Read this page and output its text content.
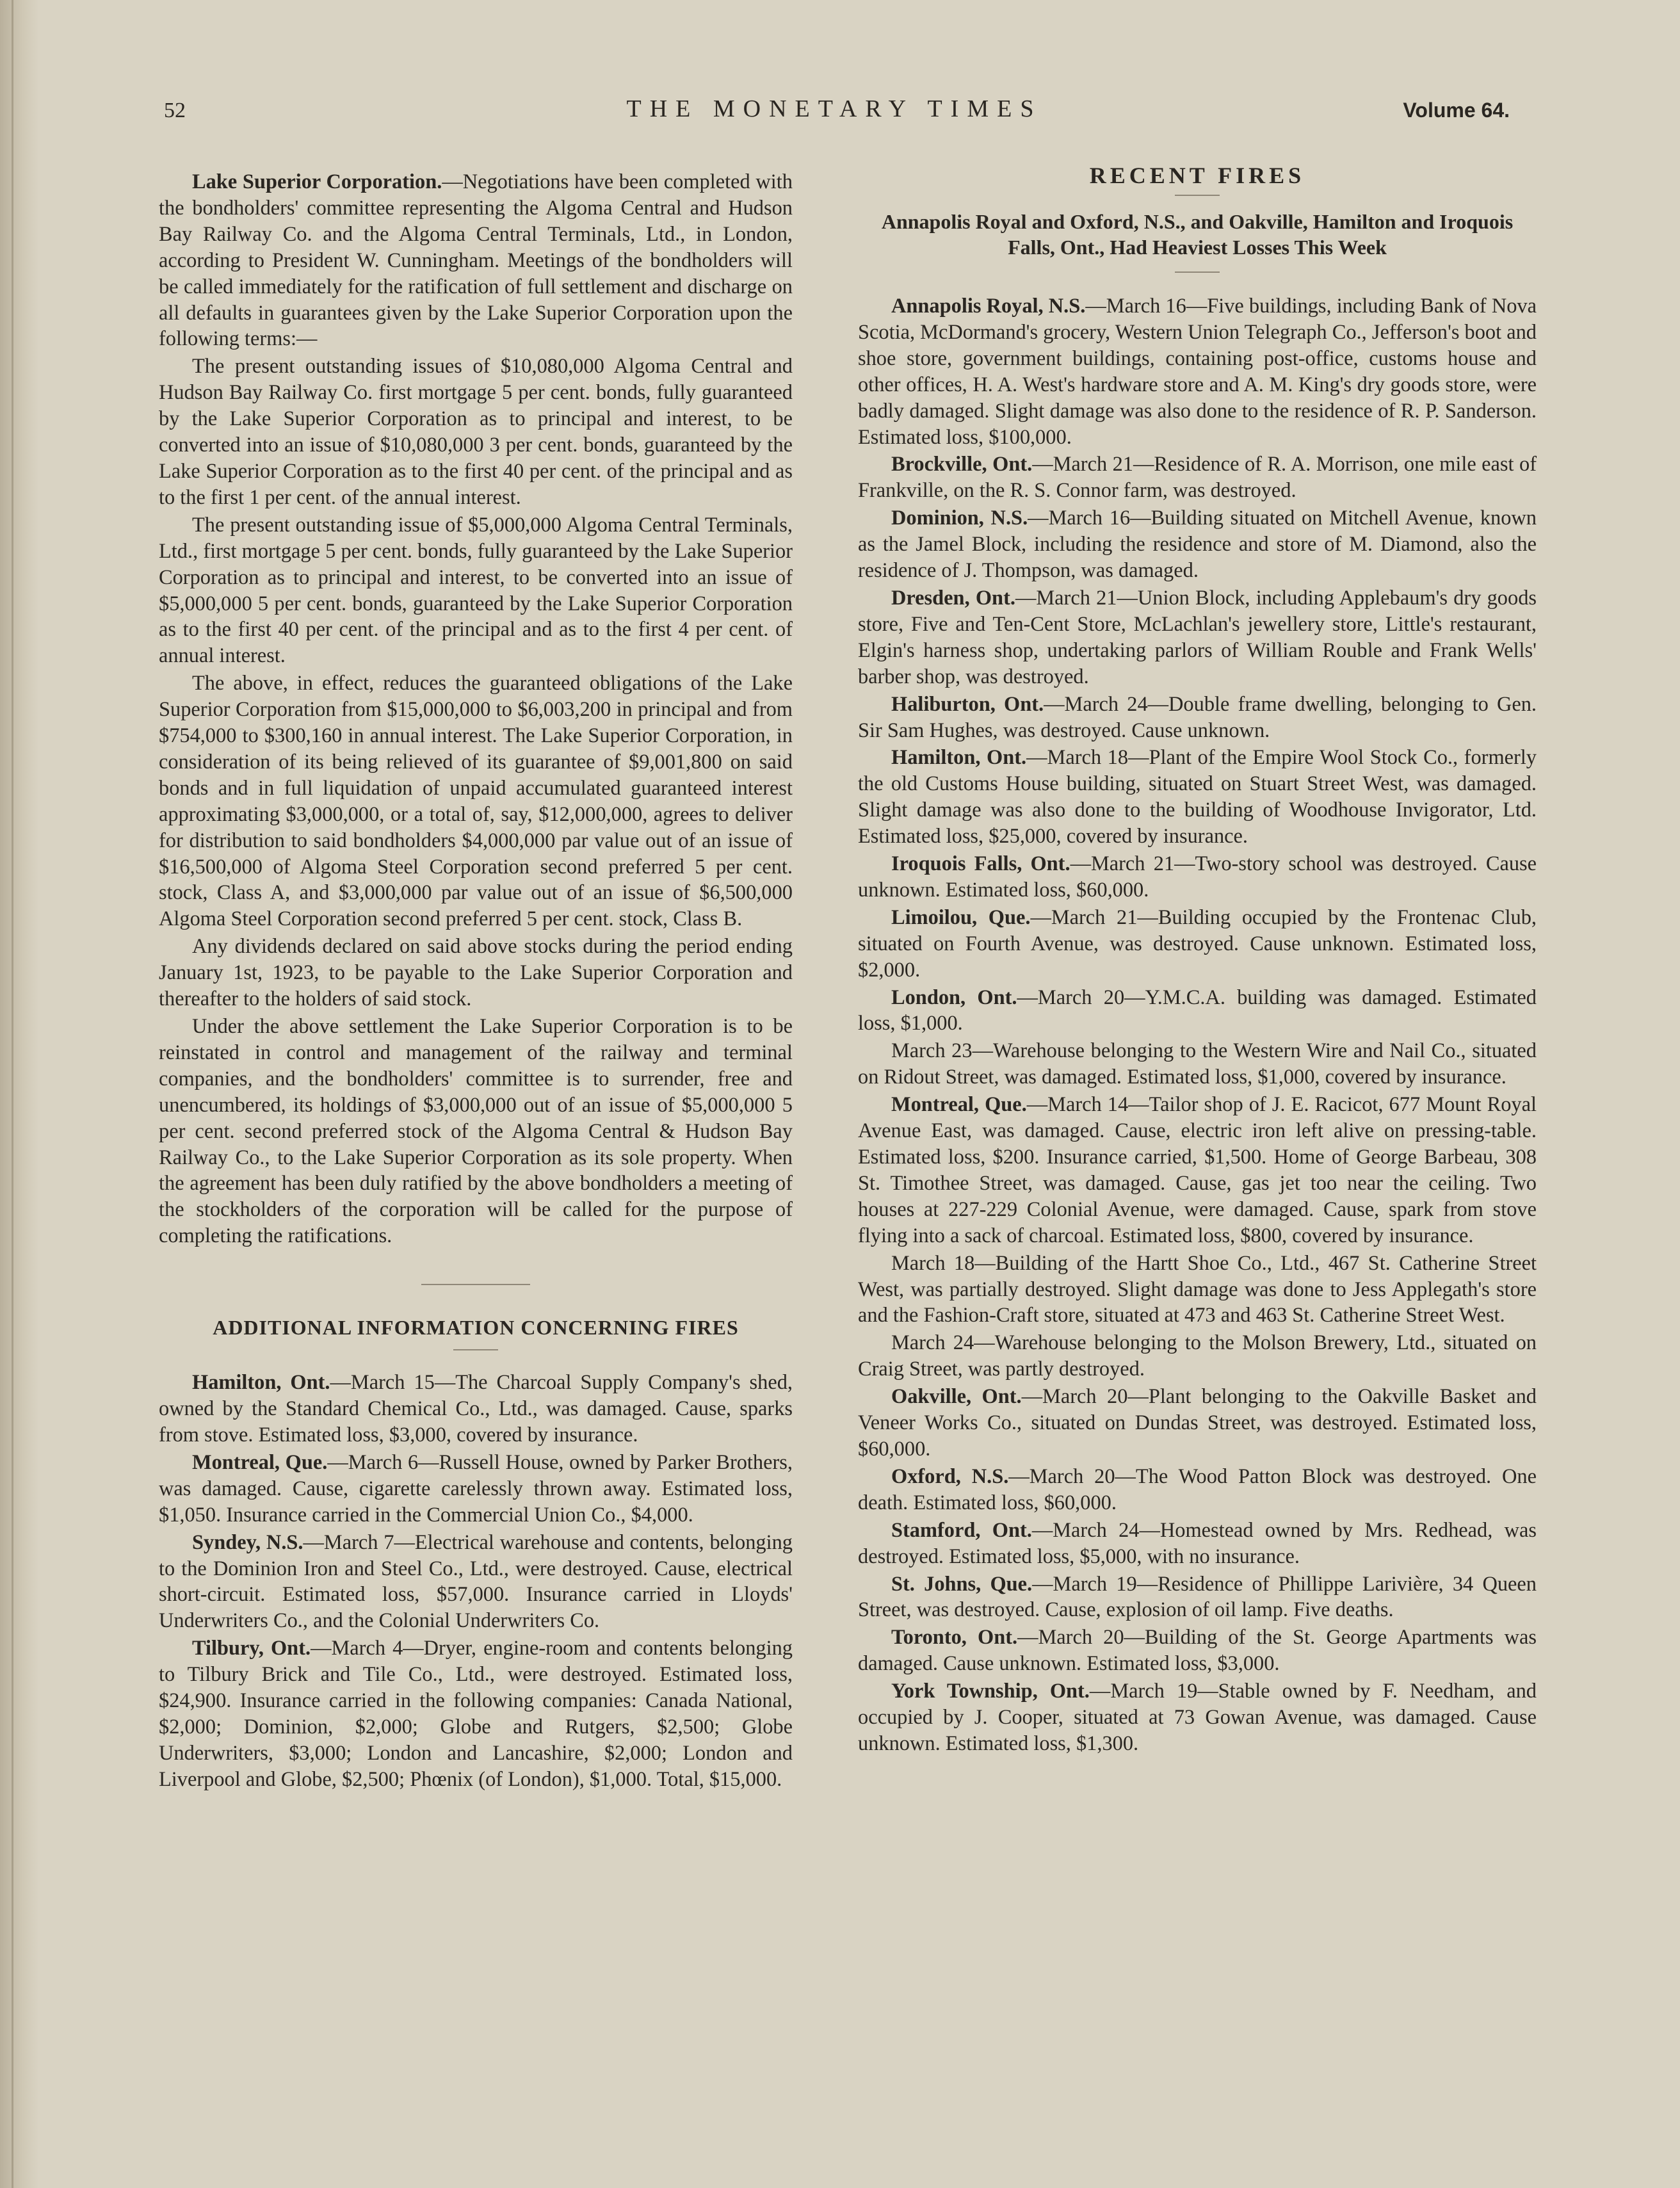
52	THE MONETARY TIMES	Volume 64.

Lake Superior Corporation.—Negotiations have been completed with the bondholders' committee representing the Algoma Central and Hudson Bay Railway Co. and the Algoma Central Terminals, Ltd., in London, according to President W. Cunningham. Meetings of the bondholders will be called immediately for the ratification of full settlement and discharge on all defaults in guarantees given by the Lake Superior Corporation upon the following terms:—

The present outstanding issues of $10,080,000 Algoma Central and Hudson Bay Railway Co. first mortgage 5 per cent. bonds, fully guaranteed by the Lake Superior Corporation as to principal and interest, to be converted into an issue of $10,080,000 3 per cent. bonds, guaranteed by the Lake Superior Corporation as to the first 40 per cent. of the principal and as to the first 1 per cent. of the annual interest.

The present outstanding issue of $5,000,000 Algoma Central Terminals, Ltd., first mortgage 5 per cent. bonds, fully guaranteed by the Lake Superior Corporation as to principal and interest, to be converted into an issue of $5,000,000 5 per cent. bonds, guaranteed by the Lake Superior Corporation as to the first 40 per cent. of the principal and as to the first 4 per cent. of annual interest.

The above, in effect, reduces the guaranteed obligations of the Lake Superior Corporation from $15,000,000 to $6,003,200 in principal and from $754,000 to $300,160 in annual interest. The Lake Superior Corporation, in consideration of its being relieved of its guarantee of $9,001,800 on said bonds and in full liquidation of unpaid accumulated guaranteed interest approximating $3,000,000, or a total of, say, $12,000,000, agrees to deliver for distribution to said bondholders $4,000,000 par value out of an issue of $16,500,000 of Algoma Steel Corporation second preferred 5 per cent. stock, Class A, and $3,000,000 par value out of an issue of $6,500,000 Algoma Steel Corporation second preferred 5 per cent. stock, Class B.

Any dividends declared on said above stocks during the period ending January 1st, 1923, to be payable to the Lake Superior Corporation and thereafter to the holders of said stock.

Under the above settlement the Lake Superior Corporation is to be reinstated in control and management of the railway and terminal companies, and the bondholders' committee is to surrender, free and unencumbered, its holdings of $3,000,000 out of an issue of $5,000,000 5 per cent. second preferred stock of the Algoma Central & Hudson Bay Railway Co., to the Lake Superior Corporation as its sole property. When the agreement has been duly ratified by the above bondholders a meeting of the stockholders of the corporation will be called for the purpose of completing the ratifications.

ADDITIONAL INFORMATION CONCERNING FIRES

Hamilton, Ont.—March 15—The Charcoal Supply Company's shed, owned by the Standard Chemical Co., Ltd., was damaged. Cause, sparks from stove. Estimated loss, $3,000, covered by insurance.

Montreal, Que.—March 6—Russell House, owned by Parker Brothers, was damaged. Cause, cigarette carelessly thrown away. Estimated loss, $1,050. Insurance carried in the Commercial Union Co., $4,000.

Syndey, N.S.—March 7—Electrical warehouse and contents, belonging to the Dominion Iron and Steel Co., Ltd., were destroyed. Cause, electrical short-circuit. Estimated loss, $57,000. Insurance carried in Lloyds' Underwriters Co., and the Colonial Underwriters Co.

Tilbury, Ont.—March 4—Dryer, engine-room and contents belonging to Tilbury Brick and Tile Co., Ltd., were destroyed. Estimated loss, $24,900. Insurance carried in the following companies: Canada National, $2,000; Dominion, $2,000; Globe and Rutgers, $2,500; Globe Underwriters, $3,000; London and Lancashire, $2,000; London and Liverpool and Globe, $2,500; Phœnix (of London), $1,000. Total, $15,000.

RECENT FIRES

Annapolis Royal and Oxford, N.S., and Oakville, Hamilton and Iroquois Falls, Ont., Had Heaviest Losses This Week

Annapolis Royal, N.S.—March 16—Five buildings, including Bank of Nova Scotia, McDormand's grocery, Western Union Telegraph Co., Jefferson's boot and shoe store, government buildings, containing post-office, customs house and other offices, H. A. West's hardware store and A. M. King's dry goods store, were badly damaged. Slight damage was also done to the residence of R. P. Sanderson. Estimated loss, $100,000.

Brockville, Ont.—March 21—Residence of R. A. Morrison, one mile east of Frankville, on the R. S. Connor farm, was destroyed.

Dominion, N.S.—March 16—Building situated on Mitchell Avenue, known as the Jamel Block, including the residence and store of M. Diamond, also the residence of J. Thompson, was damaged.

Dresden, Ont.—March 21—Union Block, including Applebaum's dry goods store, Five and Ten-Cent Store, McLachlan's jewellery store, Little's restaurant, Elgin's harness shop, undertaking parlors of William Rouble and Frank Wells' barber shop, was destroyed.

Haliburton, Ont.—March 24—Double frame dwelling, belonging to Gen. Sir Sam Hughes, was destroyed. Cause unknown.

Hamilton, Ont.—March 18—Plant of the Empire Wool Stock Co., formerly the old Customs House building, situated on Stuart Street West, was damaged. Slight damage was also done to the building of Woodhouse Invigorator, Ltd. Estimated loss, $25,000, covered by insurance.

Iroquois Falls, Ont.—March 21—Two-story school was destroyed. Cause unknown. Estimated loss, $60,000.

Limoilou, Que.—March 21—Building occupied by the Frontenac Club, situated on Fourth Avenue, was destroyed. Cause unknown. Estimated loss, $2,000.

London, Ont.—March 20—Y.M.C.A. building was damaged. Estimated loss, $1,000.

March 23—Warehouse belonging to the Western Wire and Nail Co., situated on Ridout Street, was damaged. Estimated loss, $1,000, covered by insurance.

Montreal, Que.—March 14—Tailor shop of J. E. Racicot, 677 Mount Royal Avenue East, was damaged. Cause, electric iron left alive on pressing-table. Estimated loss, $200. Insurance carried, $1,500. Home of George Barbeau, 308 St. Timothee Street, was damaged. Cause, gas jet too near the ceiling. Two houses at 227-229 Colonial Avenue, were damaged. Cause, spark from stove flying into a sack of charcoal. Estimated loss, $800, covered by insurance.

March 18—Building of the Hartt Shoe Co., Ltd., 467 St. Catherine Street West, was partially destroyed. Slight damage was done to Jess Applegath's store and the Fashion-Craft store, situated at 473 and 463 St. Catherine Street West.

March 24—Warehouse belonging to the Molson Brewery, Ltd., situated on Craig Street, was partly destroyed.

Oakville, Ont.—March 20—Plant belonging to the Oakville Basket and Veneer Works Co., situated on Dundas Street, was destroyed. Estimated loss, $60,000.

Oxford, N.S.—March 20—The Wood Patton Block was destroyed. One death. Estimated loss, $60,000.

Stamford, Ont.—March 24—Homestead owned by Mrs. Redhead, was destroyed. Estimated loss, $5,000, with no insurance.

St. Johns, Que.—March 19—Residence of Phillippe Larivière, 34 Queen Street, was destroyed. Cause, explosion of oil lamp. Five deaths.

Toronto, Ont.—March 20—Building of the St. George Apartments was damaged. Cause unknown. Estimated loss, $3,000.

York Township, Ont.—March 19—Stable owned by F. Needham, and occupied by J. Cooper, situated at 73 Gowan Avenue, was damaged. Cause unknown. Estimated loss, $1,300.
